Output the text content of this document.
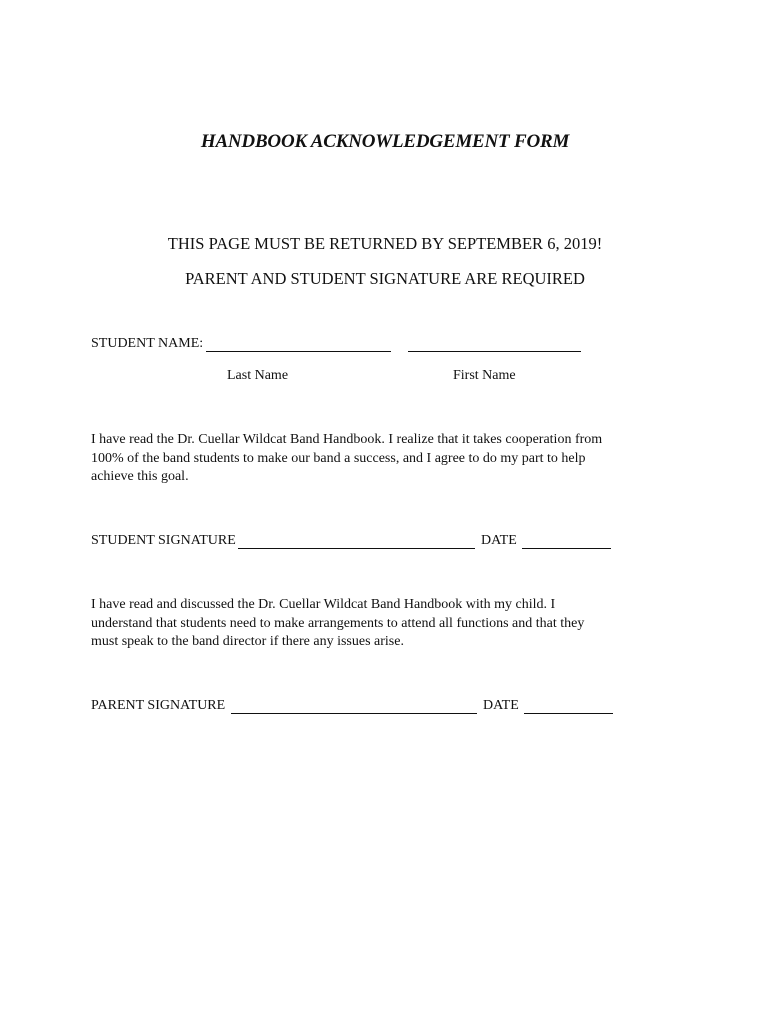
HANDBOOK ACKNOWLEDGEMENT FORM
THIS PAGE MUST BE RETURNED BY SEPTEMBER 6, 2019!
PARENT AND STUDENT SIGNATURE ARE REQUIRED
STUDENT NAME:
Last Name	First Name
I have read the Dr. Cuellar Wildcat Band Handbook. I realize that it takes cooperation from
100% of the band students to make our band a success, and I agree to do my part to help
achieve this goal.
STUDENT SIGNATURE	DATE
I have read and discussed the Dr. Cuellar Wildcat Band Handbook with my child. I
understand that students need to make arrangements to attend all functions and that they
must speak to the band director if there any issues arise.
PARENT SIGNATURE	DATE
